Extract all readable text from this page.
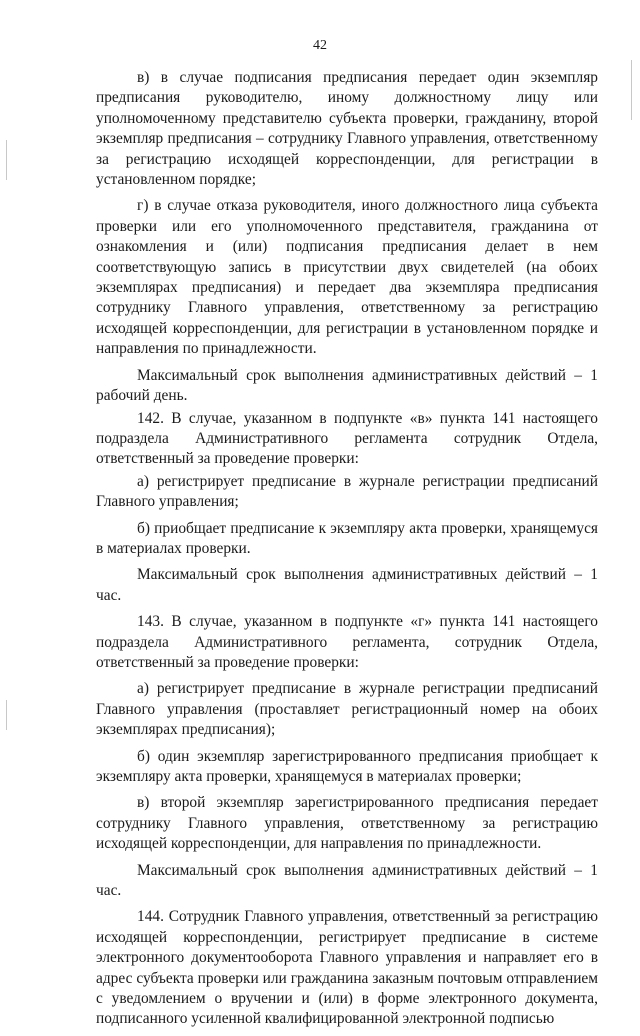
42

в) в случае подписания предписания передает один экземпляр предписания руководителю, иному должностному лицу или уполномоченному представителю субъекта проверки, гражданину, второй экземпляр предписания – сотруднику Главного управления, ответственному за регистрацию исходящей корреспонденции, для регистрации в установленном порядке;

г) в случае отказа руководителя, иного должностного лица субъекта проверки или его уполномоченного представителя, гражданина от ознакомления и (или) подписания предписания делает в нем соответствующую запись в присутствии двух свидетелей (на обоих экземплярах предписания) и передает два экземпляра предписания сотруднику Главного управления, ответственному за регистрацию исходящей корреспонденции, для регистрации в установленном порядке и направления по принадлежности.

Максимальный срок выполнения административных действий – 1 рабочий день.

142. В случае, указанном в подпункте «в» пункта 141 настоящего подраздела Административного регламента сотрудник Отдела, ответственный за проведение проверки:

а) регистрирует предписание в журнале регистрации предписаний Главного управления;

б) приобщает предписание к экземпляру акта проверки, хранящемуся в материалах проверки.

Максимальный срок выполнения административных действий – 1 час.

143. В случае, указанном в подпункте «г» пункта 141 настоящего подраздела Административного регламента, сотрудник Отдела, ответственный за проведение проверки:

а) регистрирует предписание в журнале регистрации предписаний Главного управления (проставляет регистрационный номер на обоих экземплярах предписания);

б) один экземпляр зарегистрированного предписания приобщает к экземпляру акта проверки, хранящемуся в материалах проверки;

в) второй экземпляр зарегистрированного предписания передает сотруднику Главного управления, ответственному за регистрацию исходящей корреспонденции, для направления по принадлежности.

Максимальный срок выполнения административных действий – 1 час.

144. Сотрудник Главного управления, ответственный за регистрацию исходящей корреспонденции, регистрирует предписание в системе электронного документооборота Главного управления и направляет его в адрес субъекта проверки или гражданина заказным почтовым отправлением с уведомлением о вручении и (или) в форме электронного документа, подписанного усиленной квалифицированной электронной подписью
